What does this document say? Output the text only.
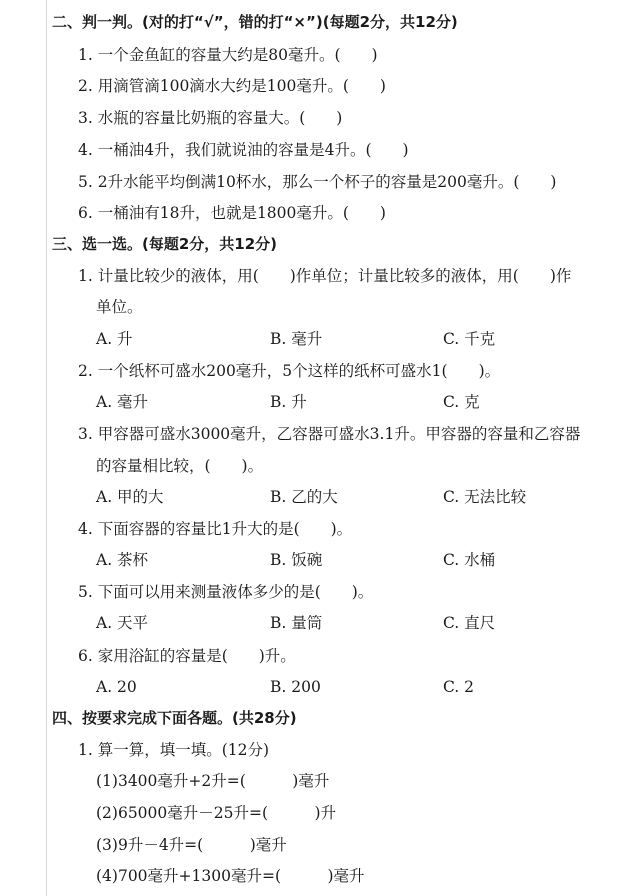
二、判一判。(对的打“√”，错的打“×”)(每题2分，共12分)
1. 一个金鱼缸的容量大约是80毫升。(　　)
2. 用滴管滴100滴水大约是100毫升。(　　)
3. 水瓶的容量比奶瓶的容量大。(　　)
4. 一桶油4升，我们就说油的容量是4升。(　　)
5. 2升水能平均倒满10杯水，那么一个杯子的容量是200毫升。(　　)
6. 一桶油有18升，也就是1800毫升。(　　)
三、选一选。(每题2分，共12分)
1. 计量比较少的液体，用(　　)作单位；计量比较多的液体，用(　　)作
单位。
A. 升	B. 毫升	C. 千克
2. 一个纸杯可盛水200毫升，5个这样的纸杯可盛水1(　　)。
A. 毫升	B. 升	C. 克
3. 甲容器可盛水3000毫升，乙容器可盛水3.1升。甲容器的容量和乙容器
的容量相比较，(　　)。
A. 甲的大	B. 乙的大	C. 无法比较
4. 下面容器的容量比1升大的是(　　)。
A. 茶杯	B. 饭碗	C. 水桶
5. 下面可以用来测量液体多少的是(　　)。
A. 天平	B. 量筒	C. 直尺
6. 家用浴缸的容量是(　　)升。
A. 20	B. 200	C. 2
四、按要求完成下面各题。(共28分)
1. 算一算，填一填。(12分)
(1)3400毫升+2升=(　　　)毫升
(2)65000毫升－25升=(　　　)升
(3)9升－4升=(　　　)毫升
(4)700毫升+1300毫升=(　　　)毫升
